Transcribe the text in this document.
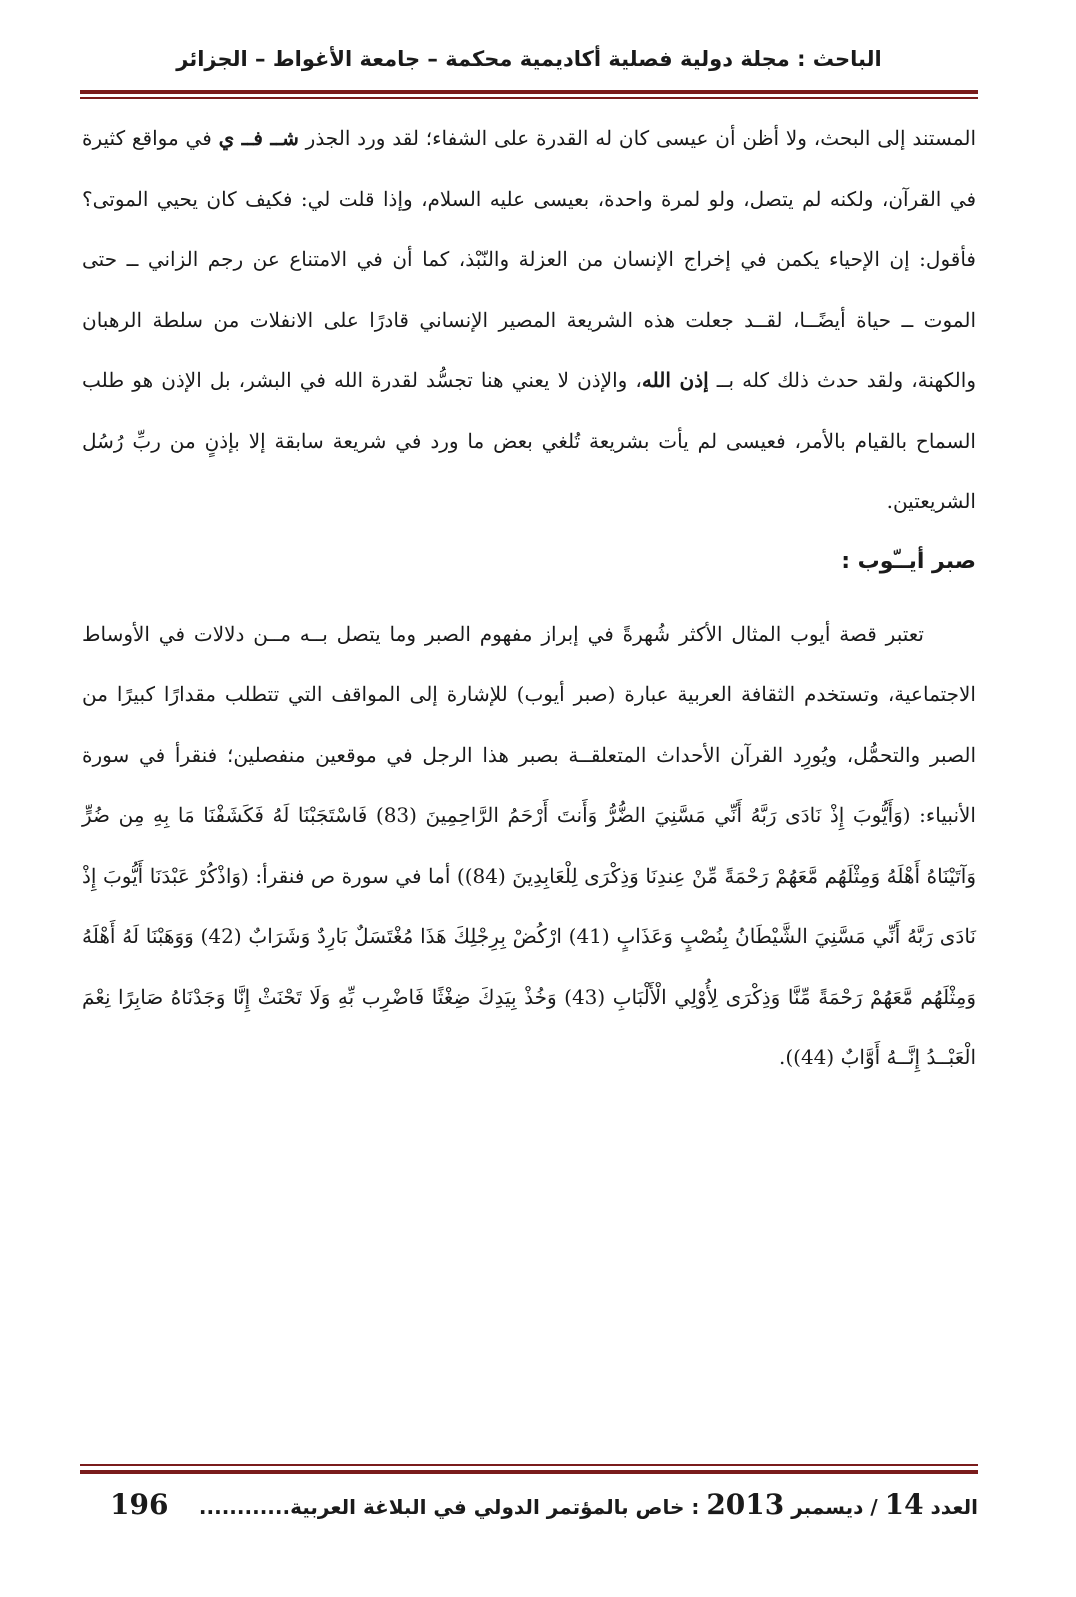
الباحث : مجلة دولية فصلية أكاديمية محكمة – جامعة الأغواط – الجزائر

المستند إلى البحث، ولا أظن أن عيسى كان له القدرة على الشفاء؛ لقد ورد الجذر شــ فــ ي في مواقع كثيرة في القرآن، ولكنه لم يتصل، ولو لمرة واحدة، بعيسى عليه السلام، وإذا قلت لي: فكيف كان يحيي الموتى؟ فأقول: إن الإحياء يكمن في إخراج الإنسان من العزلة والنّبْذ، كما أن في الامتناع عن رجم الزاني ــ حتى الموت ــ حياة أيضًــا، لقــد جعلت هذه الشريعة المصير الإنساني قادرًا على الانفلات من سلطة الرهبان والكهنة، ولقد حدث ذلك كله بــ إذن الله، والإذن لا يعني هنا تجسُّد لقدرة الله في البشر، بل الإذن هو طلب السماح بالقيام بالأمر، فعيسى لم يأت بشريعة تُلغي بعض ما ورد في شريعة سابقة إلا بإذنٍ من ربِّ رُسُل الشريعتين.

صبر أيــّوب :

تعتبر قصة أيوب المثال الأكثر شُهرةً في إبراز مفهوم الصبر وما يتصل بــه مــن دلالات في الأوساط الاجتماعية، وتستخدم الثقافة العربية عبارة (صبر أيوب) للإشارة إلى المواقف التي تتطلب مقدارًا كبيرًا من الصبر والتحمُّل، ويُورِد القرآن الأحداث المتعلقــة بصبر هذا الرجل في موقعين منفصلين؛ فنقرأ في سورة الأنبياء: (وَأَيُّوبَ إِذْ نَادَى رَبَّهُ أَنِّي مَسَّنِيَ الضُّرُّ وَأَنتَ أَرْحَمُ الرَّاحِمِينَ (83) فَاسْتَجَبْنَا لَهُ فَكَشَفْنَا مَا بِهِ مِن ضُرٍّ وَآتَيْنَاهُ أَهْلَهُ وَمِثْلَهُم مَّعَهُمْ رَحْمَةً مِّنْ عِندِنَا وَذِكْرَى لِلْعَابِدِينَ (84)) أما في سورة ص فنقرأ: (وَاذْكُرْ عَبْدَنَا أَيُّوبَ إِذْ نَادَى رَبَّهُ أَنِّي مَسَّنِيَ الشَّيْطَانُ بِنُصْبٍ وَعَذَابٍ (41) ارْكُضْ بِرِجْلِكَ هَذَا مُغْتَسَلٌ بَارِدٌ وَشَرَابٌ (42) وَوَهَبْنَا لَهُ أَهْلَهُ وَمِثْلَهُم مَّعَهُمْ رَحْمَةً مِّنَّا وَذِكْرَى لِأُوْلِي الْأَلْبَابِ (43) وَخُذْ بِيَدِكَ ضِغْثًا فَاضْرِب بِّهِ وَلَا تَحْنَثْ إِنَّا وَجَدْنَاهُ صَابِرًا نِعْمَ الْعَبْــدُ إِنَّــهُ أَوَّابٌ (44)).

العدد 14 / ديسمبر 2013 : خاص بالمؤتمر الدولي في البلاغة العربية............
196
